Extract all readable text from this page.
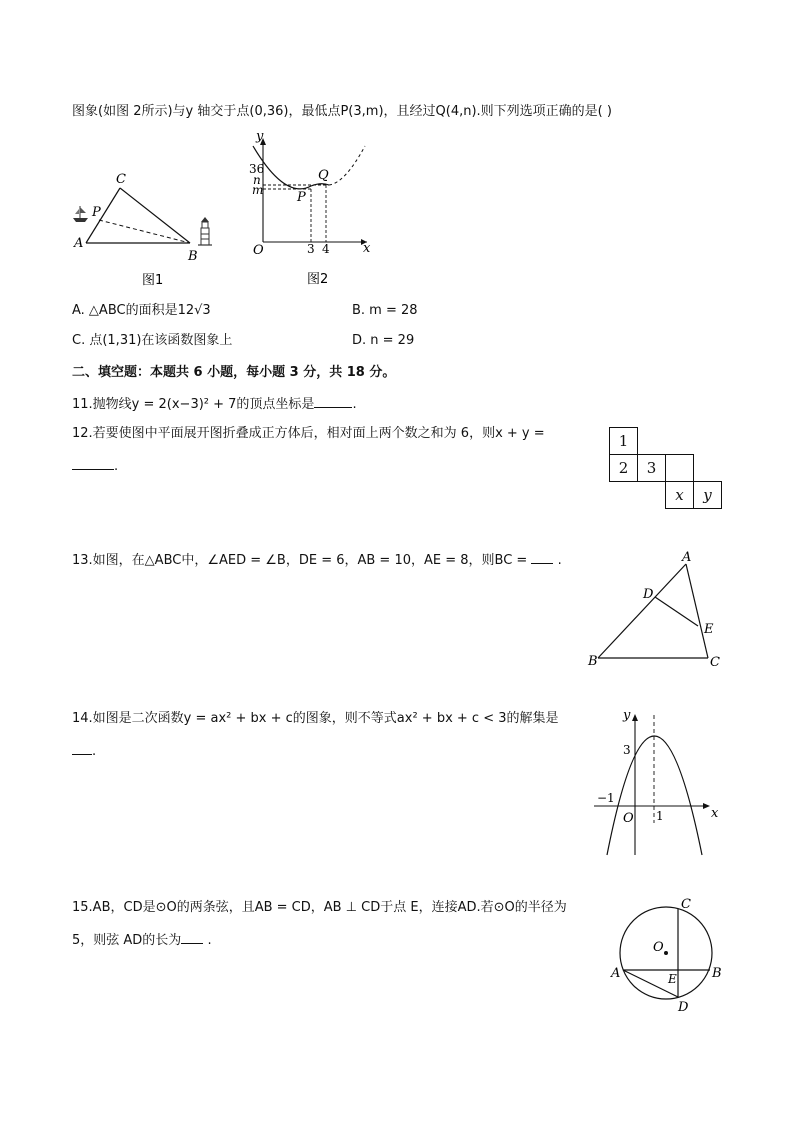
图象(如图 2所示)与y 轴交于点(0,36)，最低点P(3,m)，且经过Q(4,n).则下列选项正确的是( )
C
P
A
B
图1
y
36
n
m
Q
P
O	3 4	x
图2
A. △ABC的面积是12√3	B. m = 28
C. 点(1,31)在该函数图象上	D. n = 29
二、填空题：本题共 6 小题，每小题 3 分，共 18 分。
11.抛物线y = 2(x−3)² + 7的顶点坐标是	.
12.若要使图中平面展开图折叠成正方体后，相对面上两个数之和为 6，则x + y =
.
1
2	3
x	y
13.如图，在△ABC中，∠AED = ∠B，DE = 6，AB = 10，AE = 8，则BC =  .	A
D
E
B	C
14.如图是二次函数y = ax² + bx + c的图象，则不等式ax² + bx + c < 3的解集是
.
y
3
−1
O 1	x
15.AB，CD是⊙O的两条弦，且AB = CD，AB ⊥ CD于点 E，连接AD.若⊙O的半径为
5，则弦 AD的长为 .
C
O
A	B
E
D
